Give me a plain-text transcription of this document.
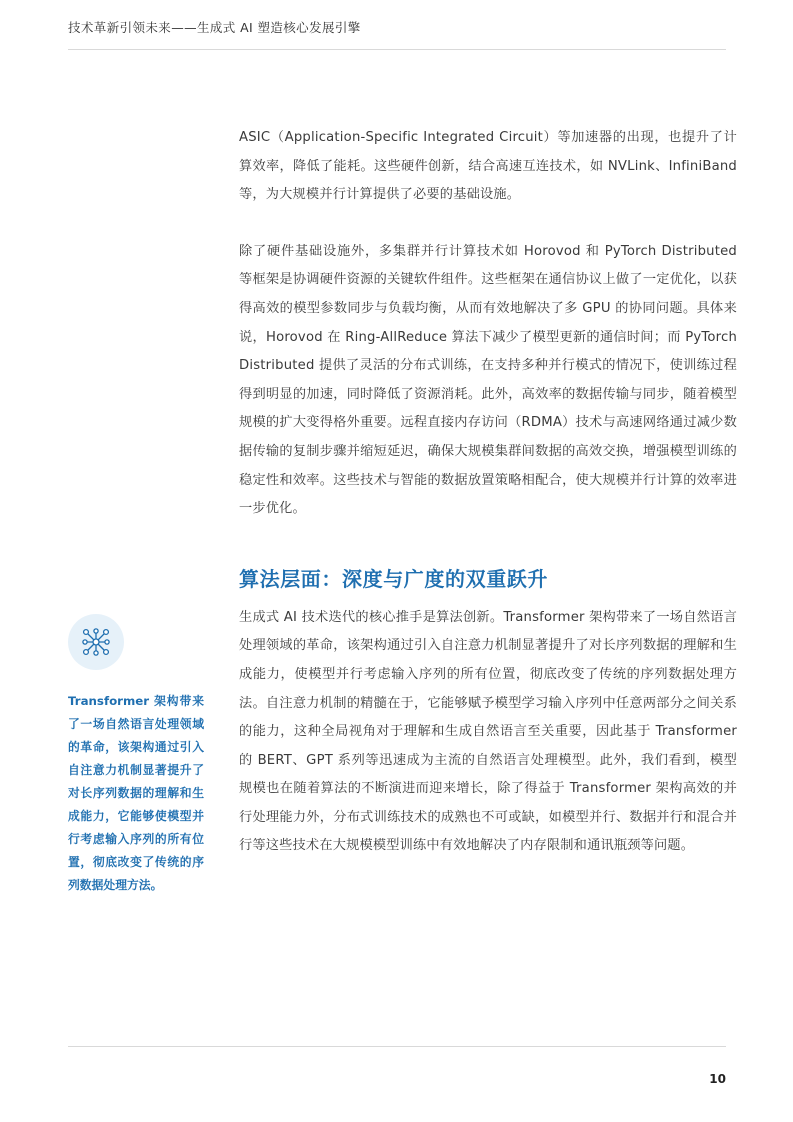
技术革新引领未来——生成式 AI 塑造核心发展引擎

ASIC（Application-Specific Integrated Circuit）等加速器的出现，也提升了计算效率，降低了能耗。这些硬件创新，结合高速互连技术，如 NVLink、InfiniBand 等，为大规模并行计算提供了必要的基础设施。

除了硬件基础设施外，多集群并行计算技术如 Horovod 和 PyTorch Distributed 等框架是协调硬件资源的关键软件组件。这些框架在通信协议上做了一定优化，以获得高效的模型参数同步与负载均衡，从而有效地解决了多 GPU 的协同问题。具体来说，Horovod 在 Ring-AllReduce 算法下减少了模型更新的通信时间；而 PyTorch Distributed 提供了灵活的分布式训练，在支持多种并行模式的情况下，使训练过程得到明显的加速，同时降低了资源消耗。此外，高效率的数据传输与同步，随着模型规模的扩大变得格外重要。远程直接内存访问（RDMA）技术与高速网络通过减少数据传输的复制步骤并缩短延迟，确保大规模集群间数据的高效交换，增强模型训练的稳定性和效率。这些技术与智能的数据放置策略相配合，使大规模并行计算的效率进一步优化。

算法层面：深度与广度的双重跃升

生成式 AI 技术迭代的核心推手是算法创新。Transformer 架构带来了一场自然语言处理领域的革命，该架构通过引入自注意力机制显著提升了对长序列数据的理解和生成能力，使模型并行考虑输入序列的所有位置，彻底改变了传统的序列数据处理方法。自注意力机制的精髓在于，它能够赋予模型学习输入序列中任意两部分之间关系的能力，这种全局视角对于理解和生成自然语言至关重要，因此基于 Transformer 的 BERT、GPT 系列等迅速成为主流的自然语言处理模型。此外，我们看到，模型规模也在随着算法的不断演进而迎来增长，除了得益于 Transformer 架构高效的并行处理能力外，分布式训练技术的成熟也不可或缺，如模型并行、数据并行和混合并行等这些技术在大规模模型训练中有效地解决了内存限制和通讯瓶颈等问题。

Transformer 架构带来了一场自然语言处理领域的革命，该架构通过引入自注意力机制显著提升了对长序列数据的理解和生成能力，它能够使模型并行考虑输入序列的所有位置，彻底改变了传统的序列数据处理方法。
10
